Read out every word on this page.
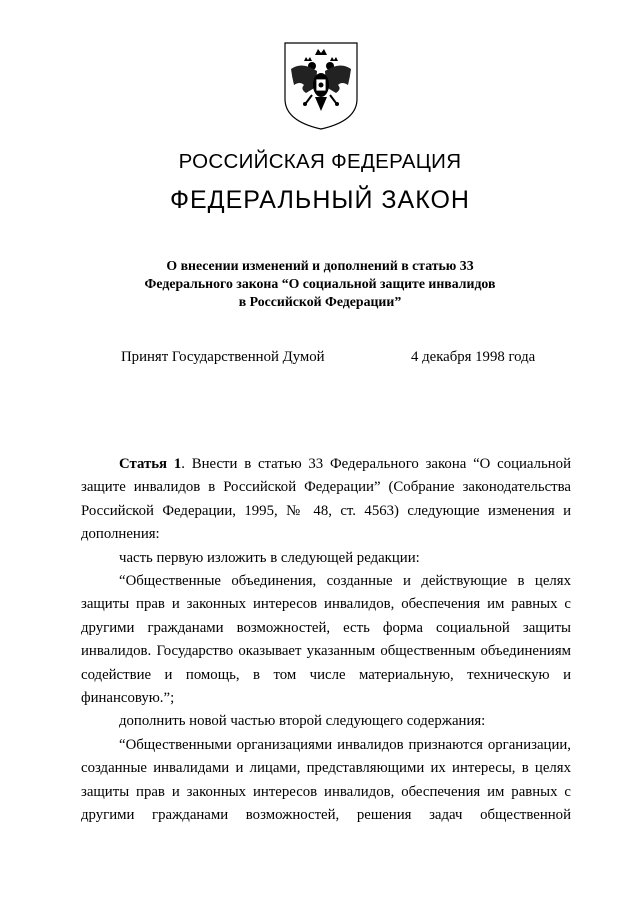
РОССИЙСКАЯ ФЕДЕРАЦИЯ
ФЕДЕРАЛЬНЫЙ ЗАКОН
О внесении изменений и дополнений в статью 33
Федерального закона “О социальной защите инвалидов
в Российской Федерации”
Принят Государственной Думой	4 декабря 1998 года
Статья 1. Внести в статью 33 Федерального закона “О социальной
защите инвалидов в Российской Федерации” (Собрание законодательства
Российской Федерации, 1995, № 48, ст. 4563) следующие изменения и
дополнения:
часть первую изложить в следующей редакции:
“Общественные объединения, созданные и действующие в целях
защиты прав и законных интересов инвалидов, обеспечения им равных с
другими гражданами возможностей, есть форма социальной защиты
инвалидов. Государство оказывает указанным общественным объединениям
содействие и помощь, в том числе материальную, техническую и
финансовую.”;
дополнить новой частью второй следующего содержания:
“Общественными организациями инвалидов признаются организации,
созданные инвалидами и лицами, представляющими их интересы, в целях
защиты прав и законных интересов инвалидов, обеспечения им равных с
другими гражданами возможностей, решения задач общественной
